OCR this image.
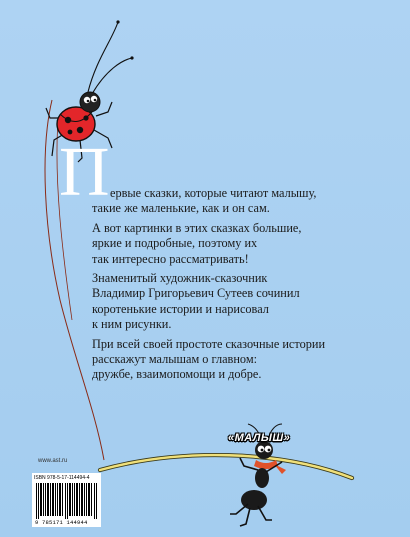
П ервые сказки, которые читают малышу,
такие же маленькие, как и он сам.
А вот картинки в этих сказках большие,
яркие и подробные, поэтому их
так интересно рассматривать!
Знаменитый художник-сказочник
Владимир Григорьевич Сутеев сочинил
коротенькие истории и нарисовал
к ним рисунки.
При всей своей простоте сказочные истории
расскажут малышам о главном:
дружбе, взаимопомощи и добре.
«МАЛЫШ»
www.ast.ru
ISBN 978-5-17-114494-4
9 785171 144944
